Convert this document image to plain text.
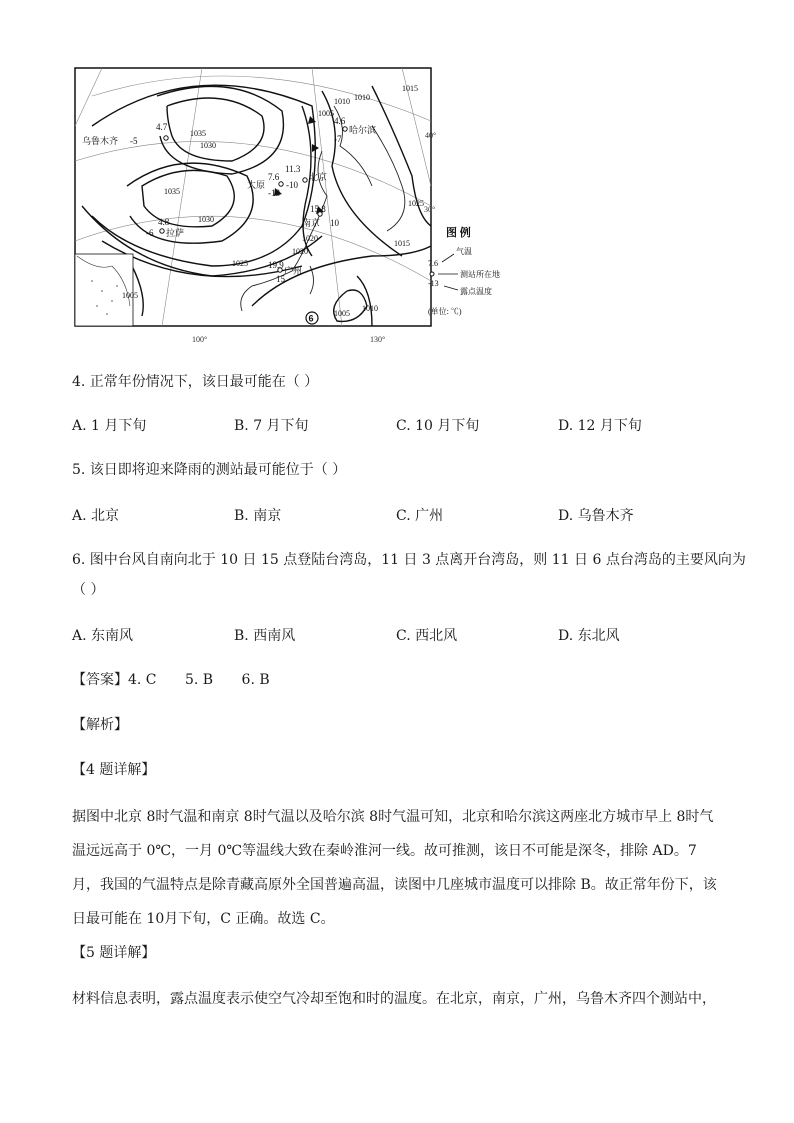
乌鲁木齐
4.7
-5
哈尔滨
4.6
-7
北京
11.3
-10
太原
7.6
-13
南京
15.8
10
拉萨
4.8
-6
广州
19.9
15
1035
1030
1035
1030
1025
1020
1015
1010
1005
1010
1005
1010
1015
1020
1025
1005
6
40°
30°
100°	130°
图 例
7.6
-13
气温
测站所在地
露点温度
(单位: ℃)
4. 正常年份情况下，该日最可能在（ ）
A. 1 月下旬	B. 7 月下旬	C. 10 月下旬	D. 12 月下旬
5. 该日即将迎来降雨的测站最可能位于（ ）
A. 北京	B. 南京	C. 广州	D. 乌鲁木齐
6. 图中台风自南向北于 10 日 15 点登陆台湾岛，11 日 3 点离开台湾岛，则 11 日 6 点台湾岛的主要风向为
（ ）
A. 东南风	B. 西南风	C. 西北风	D. 东北风
【答案】4. C 5. B 6. B
【解析】
【4 题详解】
据图中北京 8时气温和南京 8时气温以及哈尔滨 8时气温可知，北京和哈尔滨这两座北方城市早上 8时气温远远高于 0℃，一月 0℃等温线大致在秦岭淮河一线。故可推测，该日不可能是深冬，排除 AD。7 月，我国的气温特点是除青藏高原外全国普遍高温，读图中几座城市温度可以排除 B。故正常年份下，该日最可能在 10月下旬，C 正确。故选 C。
【5 题详解】
材料信息表明，露点温度表示使空气冷却至饱和时的温度。在北京，南京，广州，乌鲁木齐四个测站中，
